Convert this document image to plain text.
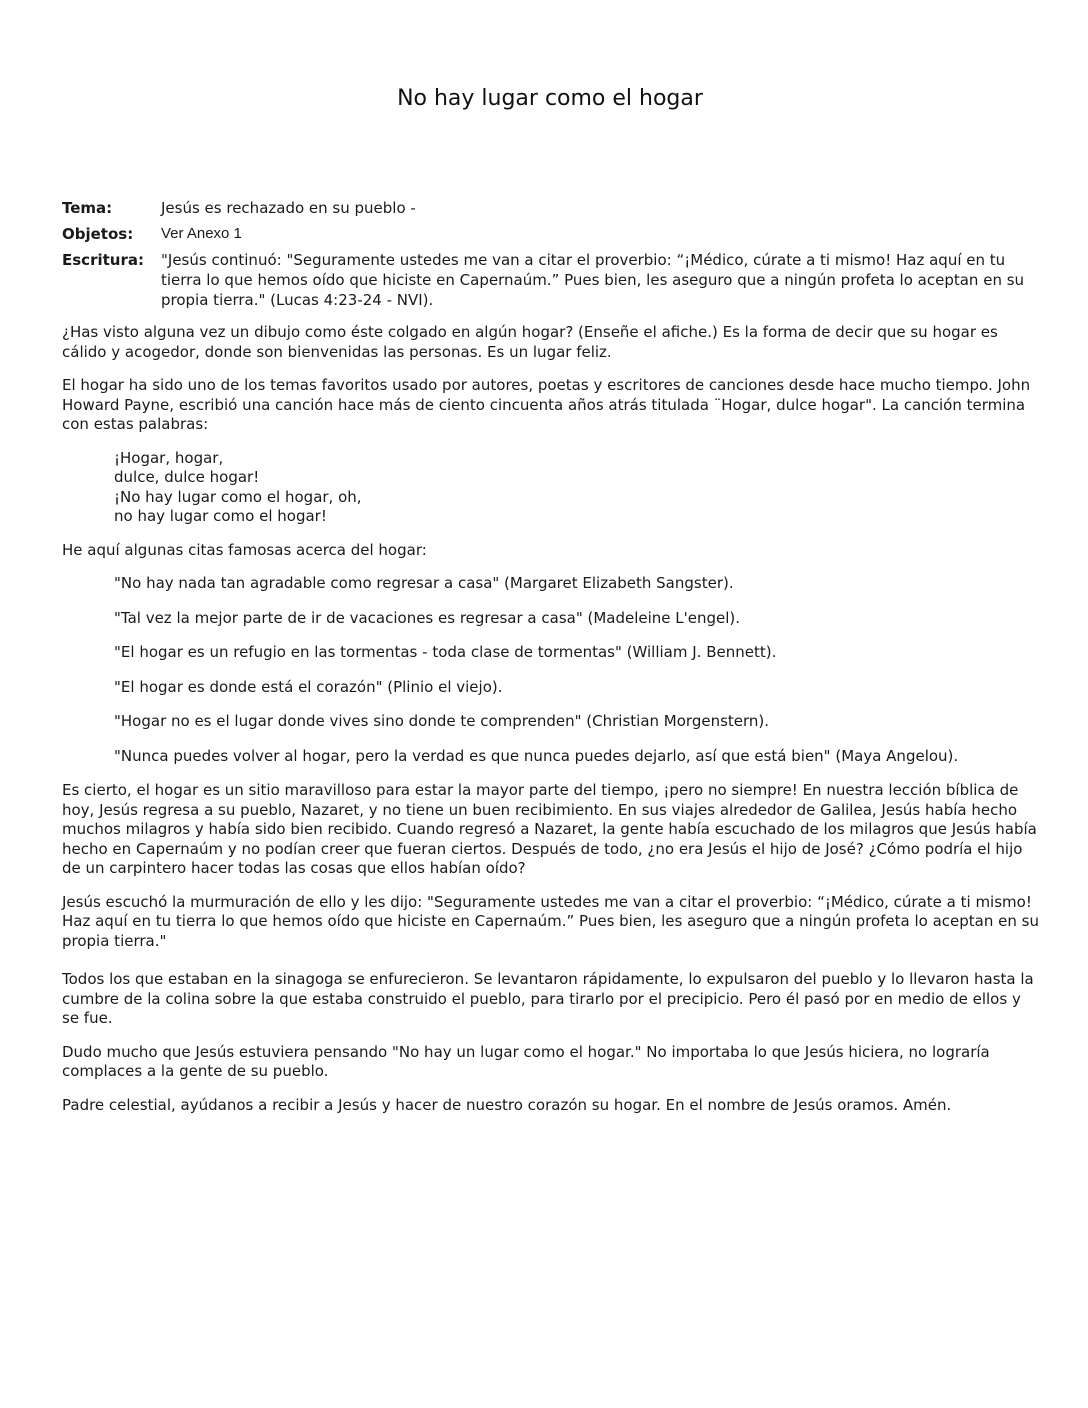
No hay lugar como el hogar
Tema:	Jesús es rechazado en su pueblo -
Objetos:	Ver Anexo 1
Escritura:	"Jesús continuó: "Seguramente ustedes me van a citar el proverbio: “¡Médico, cúrate a ti mismo! Haz aquí en tu tierra lo que hemos oído que hiciste en Capernaúm.” Pues bien, les aseguro que a ningún profeta lo aceptan en su propia tierra." (Lucas 4:23-24 - NVI).

¿Has visto alguna vez un dibujo como éste colgado en algún hogar? (Enseñe el afiche.) Es la forma de decir que su hogar es cálido y acogedor, donde son bienvenidas las personas. Es un lugar feliz.

El hogar ha sido uno de los temas favoritos usado por autores, poetas y escritores de canciones desde hace mucho tiempo. John Howard Payne, escribió una canción hace más de ciento cincuenta años atrás titulada ¨Hogar, dulce hogar". La canción termina con estas palabras:

¡Hogar, hogar,
dulce, dulce hogar!
¡No hay lugar como el hogar, oh,
no hay lugar como el hogar!

He aquí algunas citas famosas acerca del hogar:

"No hay nada tan agradable como regresar a casa" (Margaret Elizabeth Sangster).
"Tal vez la mejor parte de ir de vacaciones es regresar a casa" (Madeleine L'engel).
"El hogar es un refugio en las tormentas - toda clase de tormentas" (William J. Bennett).
"El hogar es donde está el corazón" (Plinio el viejo).
"Hogar no es el lugar donde vives sino donde te comprenden" (Christian Morgenstern).
"Nunca puedes volver al hogar, pero la verdad es que nunca puedes dejarlo, así que está bien" (Maya Angelou).

Es cierto, el hogar es un sitio maravilloso para estar la mayor parte del tiempo, ¡pero no siempre! En nuestra lección bíblica de hoy, Jesús regresa a su pueblo, Nazaret, y no tiene un buen recibimiento. En sus viajes alrededor de Galilea, Jesús había hecho muchos milagros y había sido bien recibido. Cuando regresó a Nazaret, la gente había escuchado de los milagros que Jesús había hecho en Capernaúm y no podían creer que fueran ciertos. Después de todo, ¿no era Jesús el hijo de José? ¿Cómo podría el hijo de un carpintero hacer todas las cosas que ellos habían oído?

Jesús escuchó la murmuración de ello y les dijo: "Seguramente ustedes me van a citar el proverbio: “¡Médico, cúrate a ti mismo! Haz aquí en tu tierra lo que hemos oído que hiciste en Capernaúm.” Pues bien, les aseguro que a ningún profeta lo aceptan en su propia tierra."

Todos los que estaban en la sinagoga se enfurecieron. Se levantaron rápidamente, lo expulsaron del pueblo y lo llevaron hasta la cumbre de la colina sobre la que estaba construido el pueblo, para tirarlo por el precipicio. Pero él pasó por en medio de ellos y se fue.

Dudo mucho que Jesús estuviera pensando "No hay un lugar como el hogar." No importaba lo que Jesús hiciera, no lograría complaces a la gente de su pueblo.

Padre celestial, ayúdanos a recibir a Jesús y hacer de nuestro corazón su hogar. En el nombre de Jesús oramos. Amén.
